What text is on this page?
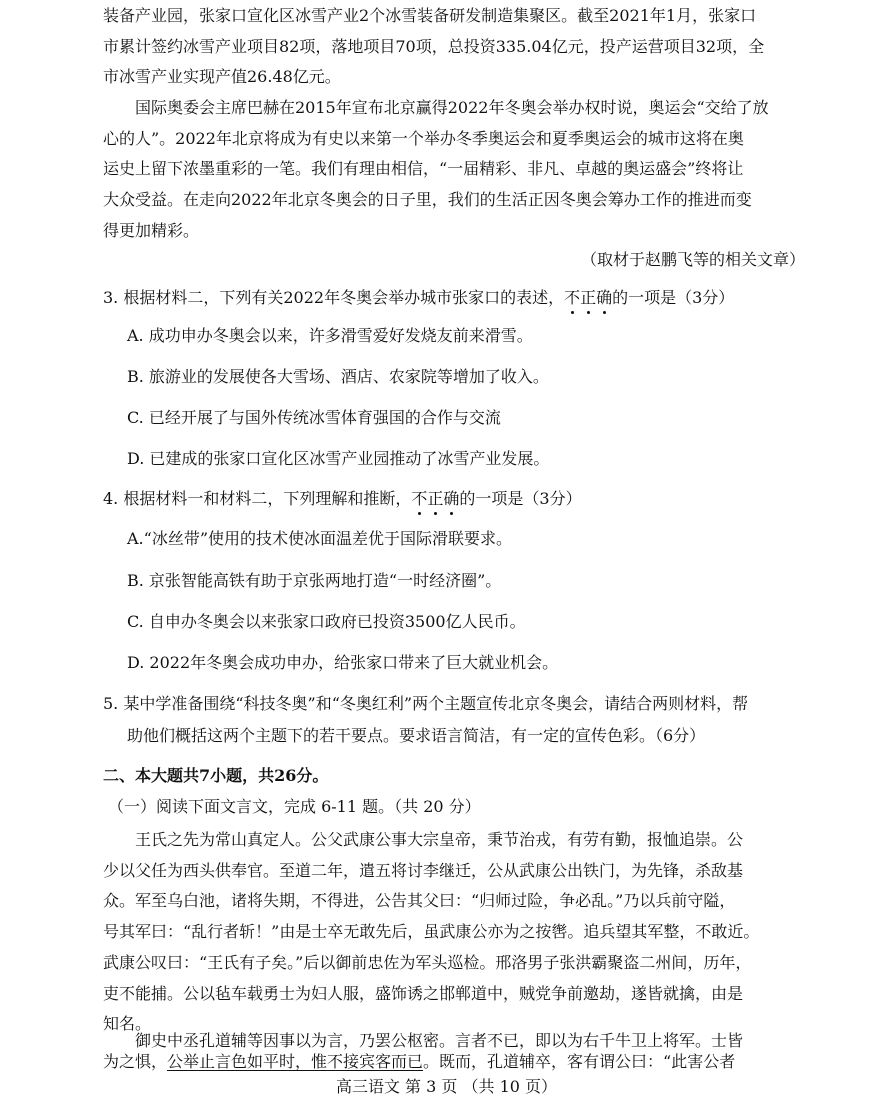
装备产业园，张家口宣化区冰雪产业2个冰雪装备研发制造集聚区。截至2021年1月，张家口
市累计签约冰雪产业项目82项，落地项目70项，总投资335.04亿元，投产运营项目32项，全
市冰雪产业实现产值26.48亿元。
国际奥委会主席巴赫在2015年宣布北京赢得2022年冬奥会举办权时说，奥运会“交给了放
心的人”。2022年北京将成为有史以来第一个举办冬季奥运会和夏季奥运会的城市这将在奥
运史上留下浓墨重彩的一笔。我们有理由相信，“一届精彩、非凡、卓越的奥运盛会”终将让
大众受益。在走向2022年北京冬奥会的日子里，我们的生活正因冬奥会筹办工作的推进而变
得更加精彩。
（取材于赵鹏飞等的相关文章）
3. 根据材料二，下列有关2022年冬奥会举办城市张家口的表述，不正确的一项是（3分）
A. 成功申办冬奥会以来，许多滑雪爱好发烧友前来滑雪。
B. 旅游业的发展使各大雪场、酒店、农家院等增加了收入。
C. 已经开展了与国外传统冰雪体育强国的合作与交流
D. 已建成的张家口宣化区冰雪产业园推动了冰雪产业发展。
4. 根据材料一和材料二，下列理解和推断，不正确的一项是（3分）
A.“冰丝带”使用的技术使冰面温差优于国际滑联要求。
B. 京张智能高铁有助于京张两地打造“一时经济圈”。
C. 自申办冬奥会以来张家口政府已投资3500亿人民币。
D. 2022年冬奥会成功申办，给张家口带来了巨大就业机会。
5. 某中学准备围绕“科技冬奥”和“冬奥红利”两个主题宣传北京冬奥会，请结合两则材料，帮
助他们概括这两个主题下的若干要点。要求语言简洁，有一定的宣传色彩。（6分）
二、本大题共7小题，共26分。
（一）阅读下面文言文，完成 6-11 题。（共 20 分）
王氏之先为常山真定人。公父武康公事大宗皇帝，秉节治戎，有劳有勤，报恤追崇。公
少以父任为西头供奉官。至道二年，遣五将讨李继迁，公从武康公出铁门，为先锋，杀敌基
众。军至乌白池，诸将失期，不得进，公告其父曰：“归师过险，争必乱。”乃以兵前守隘，
号其军曰：“乱行者斩！”由是士卒无敢先后，虽武康公亦为之按辔。追兵望其军整，不敢近。
武康公叹曰：“王氏有子矣。”后以御前忠佐为军头巡检。邢洛男子张洪霸聚盗二州间，历年，
吏不能捕。公以毡车载勇士为妇人服，盛饰诱之邯郸道中，贼党争前邀劫，遂皆就擒，由是
知名。
御史中丞孔道辅等因事以为言，乃罢公枢密。言者不已，即以为右千牛卫上将军。士皆
高三语文 第 3 页 （共 10 页）
为之惧，公举止言色如平时，惟不接宾客而已。既而，孔道辅卒，客有谓公曰：“此害公者
